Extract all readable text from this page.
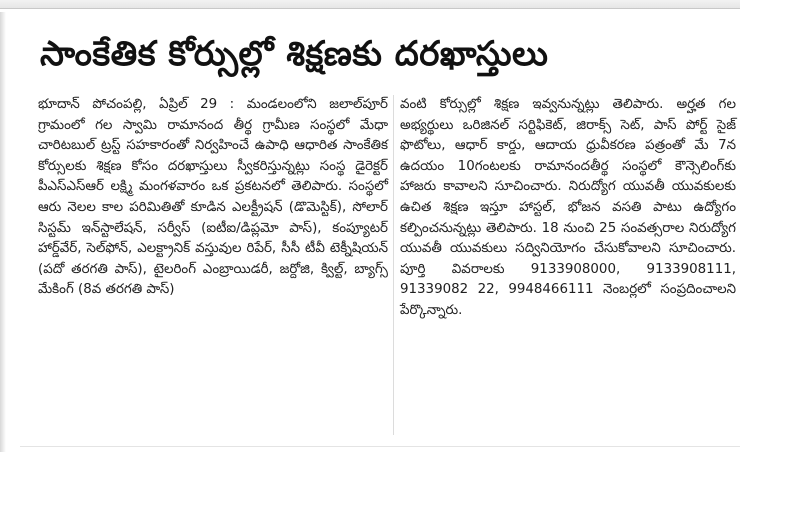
సాంకేతిక కోర్సుల్లో శిక్షణకు దరఖాస్తులు

భూదాన్ పోచంపల్లి, ఏప్రిల్ 29 : మండలంలోని జలాల్‌పూర్ గ్రామంలో గల స్వామి రామానంద తీర్థ గ్రామీణ సంస్థలో మేధా చారిటబుల్ ట్రస్ట్ సహకారంతో నిర్వహించే ఉపాధి ఆధారిత సాంకేతిక కోర్సులకు శిక్షణ కోసం దరఖాస్తులు స్వీకరిస్తున్నట్లు సంస్థ డైరెక్టర్ పీఎస్ఎస్ఆర్ లక్ష్మి మంగళవారం ఒక ప్రకటనలో తెలిపారు. సంస్థలో ఆరు నెలల కాల పరిమితితో కూడిన ఎలక్ట్రీషన్ (డొమెస్టిక్), సోలార్ సిస్టమ్ ఇన్‌స్టాలేషన్, సర్వీస్ (ఐటీఐ/డిప్లమో పాస్), కంప్యూటర్ హార్డ్‌వేర్, సెల్‌ఫోన్, ఎలక్ట్రానిక్ వస్తువుల రిపేర్, సీసీ టీవీ టెక్నీషియన్ (పదో తరగతి పాస్), టైలరింగ్ ఎంబ్రాయిడరీ, జర్దోజి, క్విల్ట్, బ్యాగ్స్ మేకింగ్ (8వ తరగతి పాస్)

వంటి కోర్సుల్లో శిక్షణ ఇవ్వనున్నట్లు తెలిపారు. అర్హత గల అభ్యర్థులు ఒరిజినల్ సర్టిఫికెట్, జిరాక్స్ సెట్, పాస్ పోర్ట్ సైజ్ ఫొటోలు, ఆధార్ కార్డు, ఆదాయ ధ్రువీకరణ పత్రంతో మే 7న ఉదయం 10గంటలకు రామానందతీర్థ సంస్థలో కౌన్సెలింగ్‌కు హాజరు కావాలని సూచించారు. నిరుద్యోగ యువతీ యువకులకు ఉచిత శిక్షణ ఇస్తూ హాస్టల్, భోజన వసతి పాటు ఉద్యోగం కల్పించనున్నట్లు తెలిపారు. 18 నుంచి 25 సంవత్సరాల నిరుద్యోగ యువతీ యువకులు సద్వినియోగం చేసుకోవాలని సూచించారు. పూర్తి వివరాలకు 9133908000, 9133908111, 91339082 22, 9948466111 నెంబర్లలో సంప్రదించాలని పేర్కొన్నారు.
